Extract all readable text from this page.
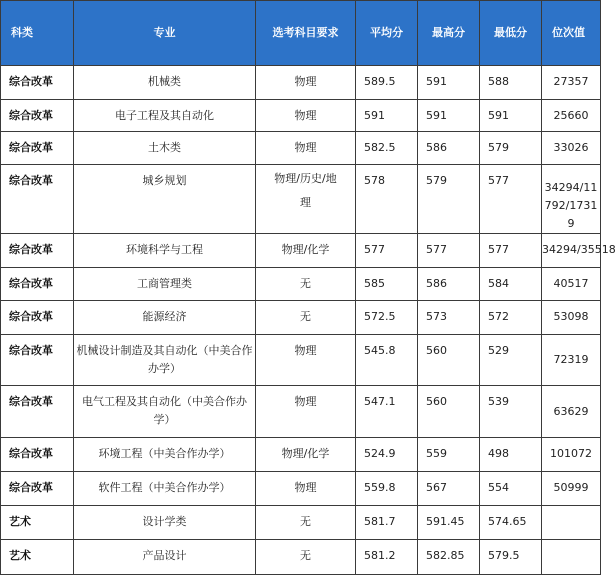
科类	专业	选考科目要求	平均分	最高分	最低分	位次值
综合改革	机械类	物理	589.5	591	588	27357
综合改革	电子工程及其自动化	物理	591	591	591	25660
综合改革	土木类	物理	582.5	586	579	33026
综合改革	城乡规划	物理/历史/地理	578	579	577	34294/11792/17319
综合改革	环境科学与工程	物理/化学	577	577	577	34294/35518
综合改革	工商管理类	无	585	586	584	40517
综合改革	能源经济	无	572.5	573	572	53098
综合改革	机械设计制造及其自动化（中美合作办学）	物理	545.8	560	529	72319
综合改革	电气工程及其自动化（中美合作办学）	物理	547.1	560	539	63629
综合改革	环境工程（中美合作办学）	物理/化学	524.9	559	498	101072
综合改革	软件工程（中美合作办学）	物理	559.8	567	554	50999
艺术	设计学类	无	581.7	591.45	574.65	
艺术	产品设计	无	581.2	582.85	579.5	
